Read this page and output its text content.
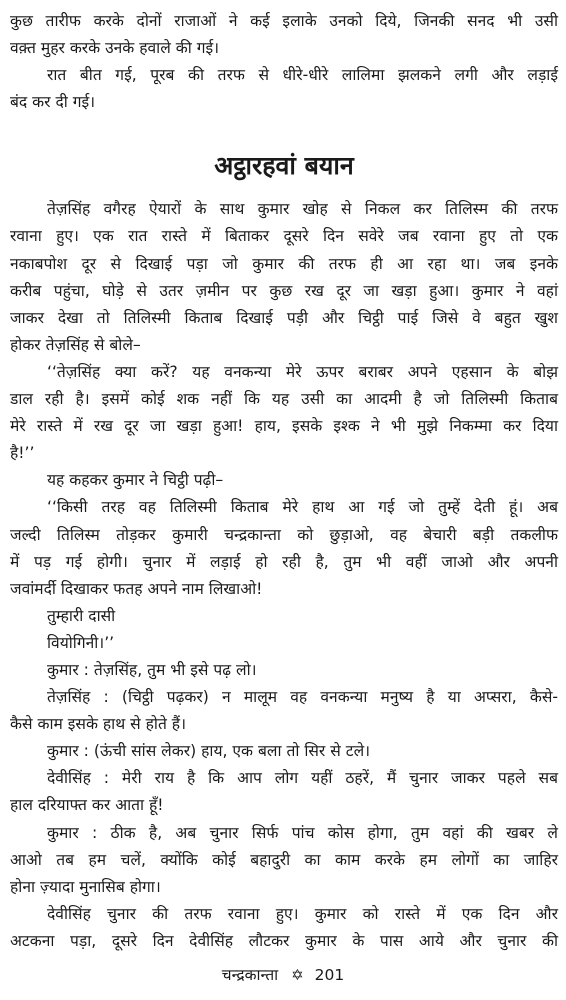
कुछ तारीफ करके दोनों राजाओं ने कई इलाके उनको दिये, जिनकी सनद भी उसी
वक़्त मुहर करके उनके हवाले की गई।
रात बीत गई, पूरब की तरफ से धीरे-धीरे लालिमा झलकने लगी और लड़ाई
बंद कर दी गई।
अट्ठारहवां बयान
तेज़सिंह वगैरह ऐयारों के साथ कुमार खोह से निकल कर तिलिस्म की तरफ
रवाना हुए। एक रात रास्ते में बिताकर दूसरे दिन सवेरे जब रवाना हुए तो एक
नकाबपोश दूर से दिखाई पड़ा जो कुमार की तरफ ही आ रहा था। जब इनके
करीब पहुंचा, घोड़े से उतर ज़मीन पर कुछ रख दूर जा खड़ा हुआ। कुमार ने वहां
जाकर देखा तो तिलिस्मी किताब दिखाई पड़ी और चिट्ठी पाई जिसे वे बहुत खुश
होकर तेज़सिंह से बोले–
‘‘तेज़सिंह क्या करें? यह वनकन्या मेरे ऊपर बराबर अपने एहसान के बोझ
डाल रही है। इसमें कोई शक नहीं कि यह उसी का आदमी है जो तिलिस्मी किताब
मेरे रास्ते में रख दूर जा खड़ा हुआ! हाय, इसके इश्क ने भी मुझे निकम्मा कर दिया
है!’’
यह कहकर कुमार ने चिट्ठी पढ़ी–
‘‘किसी तरह वह तिलिस्मी किताब मेरे हाथ आ गई जो तुम्हें देती हूं। अब
जल्दी तिलिस्म तोड़कर कुमारी चन्द्रकान्ता को छुड़ाओ, वह बेचारी बड़ी तकलीफ
में पड़ गई होगी। चुनार में लड़ाई हो रही है, तुम भी वहीं जाओ और अपनी
जवांमर्दी दिखाकर फतह अपने नाम लिखाओ!
तुम्हारी दासी
वियोगिनी।’’
कुमार : तेज़सिंह, तुम भी इसे पढ़ लो।
तेज़सिंह : (चिट्ठी पढ़कर) न मालूम वह वनकन्या मनुष्य है या अप्सरा, कैसे-
कैसे काम इसके हाथ से होते हैं।
कुमार : (ऊंची सांस लेकर) हाय, एक बला तो सिर से टले।
देवीसिंह : मेरी राय है कि आप लोग यहीं ठहरें, मैं चुनार जाकर पहले सब
हाल दरियाफ्त कर आता हूँ!
कुमार : ठीक है, अब चुनार सिर्फ पांच कोस होगा, तुम वहां की खबर ले
आओ तब हम चलें, क्योंकि कोई बहादुरी का काम करके हम लोगों का जाहिर
होना ज़्यादा मुनासिब होगा।
देवीसिंह चुनार की तरफ रवाना हुए। कुमार को रास्ते में एक दिन और
अटकना पड़ा, दूसरे दिन देवीसिंह लौटकर कुमार के पास आये और चुनार की
चन्द्रकान्ता ✡ 201
